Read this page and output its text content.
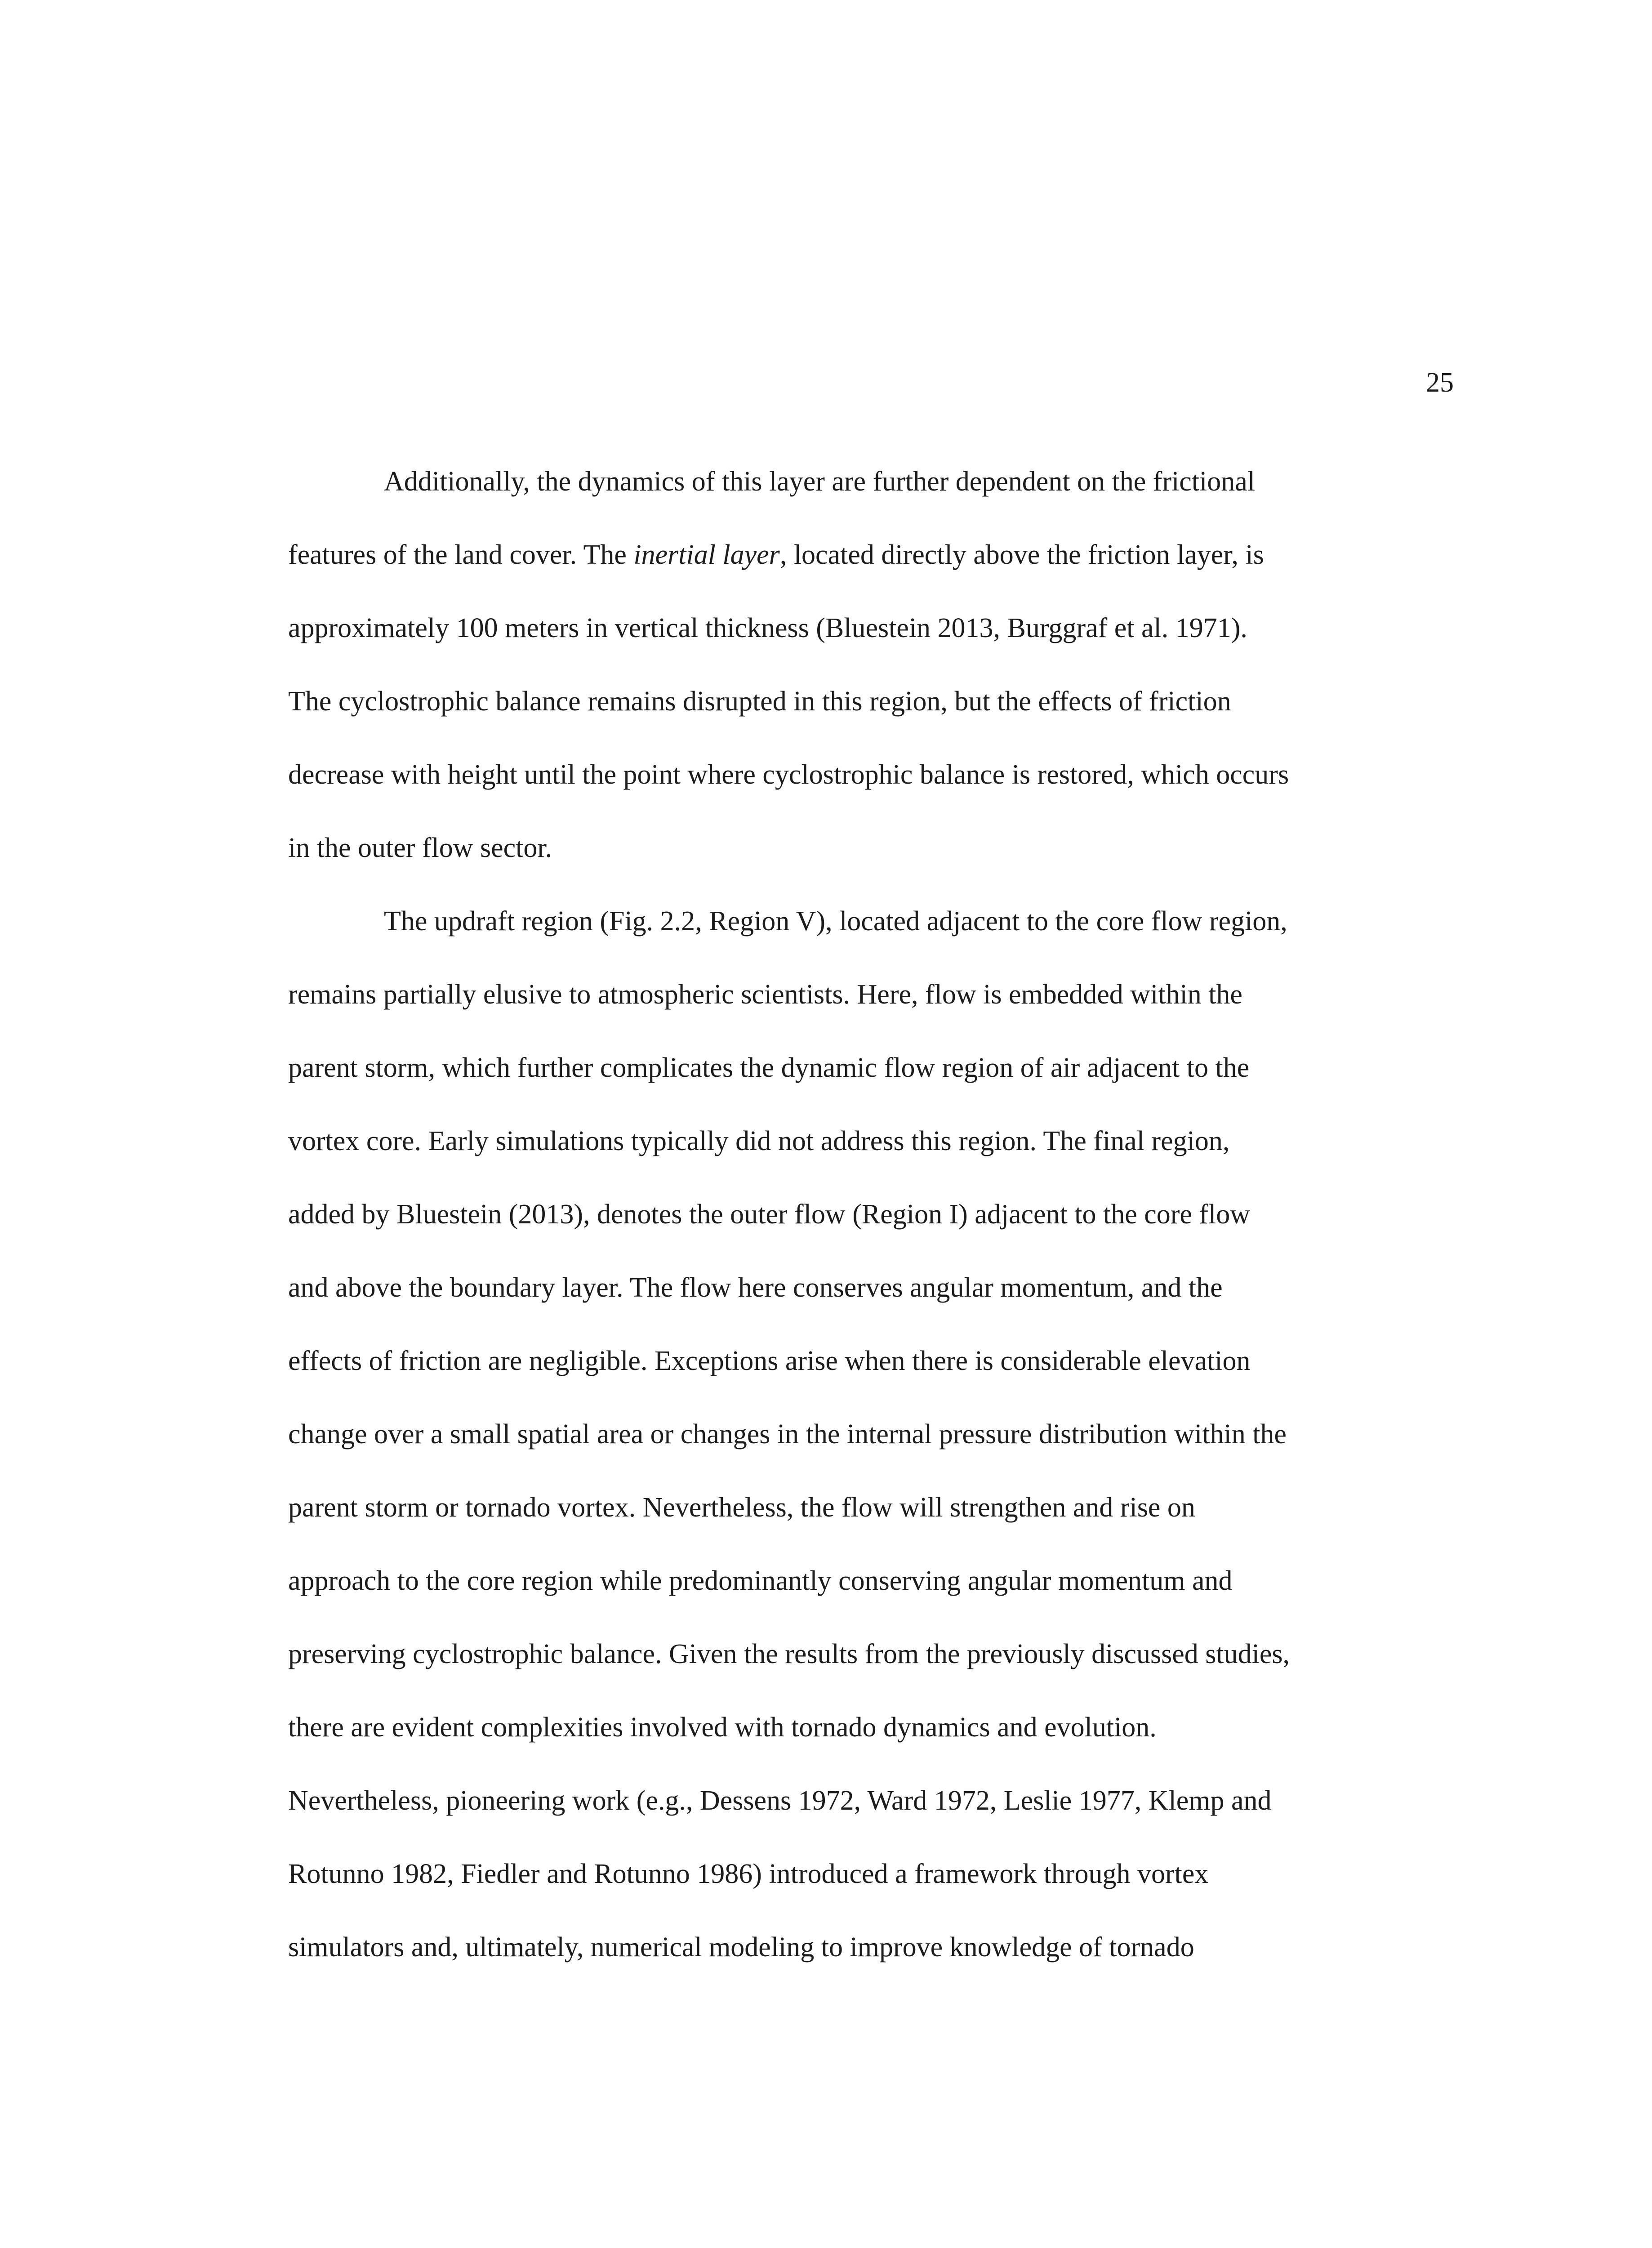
25
Additionally, the dynamics of this layer are further dependent on the frictional
features of the land cover. The inertial layer, located directly above the friction layer, is
approximately 100 meters in vertical thickness (Bluestein 2013, Burggraf et al. 1971).
The cyclostrophic balance remains disrupted in this region, but the effects of friction
decrease with height until the point where cyclostrophic balance is restored, which occurs
in the outer flow sector.
The updraft region (Fig. 2.2, Region V), located adjacent to the core flow region,
remains partially elusive to atmospheric scientists. Here, flow is embedded within the
parent storm, which further complicates the dynamic flow region of air adjacent to the
vortex core. Early simulations typically did not address this region. The final region,
added by Bluestein (2013), denotes the outer flow (Region I) adjacent to the core flow
and above the boundary layer. The flow here conserves angular momentum, and the
effects of friction are negligible. Exceptions arise when there is considerable elevation
change over a small spatial area or changes in the internal pressure distribution within the
parent storm or tornado vortex. Nevertheless, the flow will strengthen and rise on
approach to the core region while predominantly conserving angular momentum and
preserving cyclostrophic balance. Given the results from the previously discussed studies,
there are evident complexities involved with tornado dynamics and evolution.
Nevertheless, pioneering work (e.g., Dessens 1972, Ward 1972, Leslie 1977, Klemp and
Rotunno 1982, Fiedler and Rotunno 1986) introduced a framework through vortex
simulators and, ultimately, numerical modeling to improve knowledge of tornado
